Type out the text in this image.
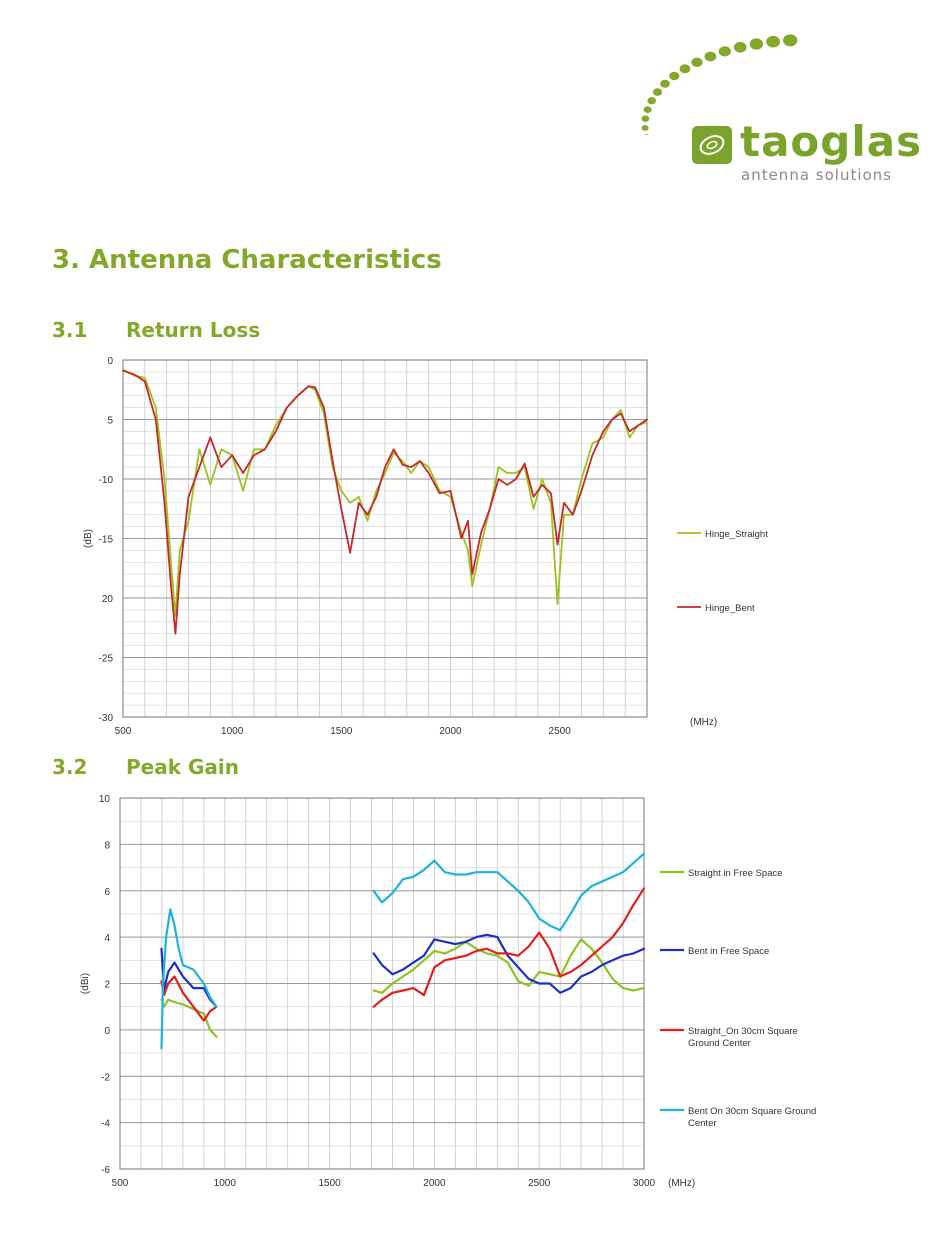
taoglas
antenna solutions
3. Antenna Characteristics
3.1 Return Loss
3.2 Peak Gain
0
5
-10
-15
20
-25
-30
500	1000	1500	2000	2500
(dB)
(MHz)
Hinge_Straight
Hinge_Bent
10
8
6
4
2
0
-2
-4
-6
500	1000	1500	2000	2500	3000
(dBi)
(MHz)
Straight in Free Space
Bent in Free Space
Straight_On 30cm Square Ground Center
Bent On 30cm Square Ground Center
